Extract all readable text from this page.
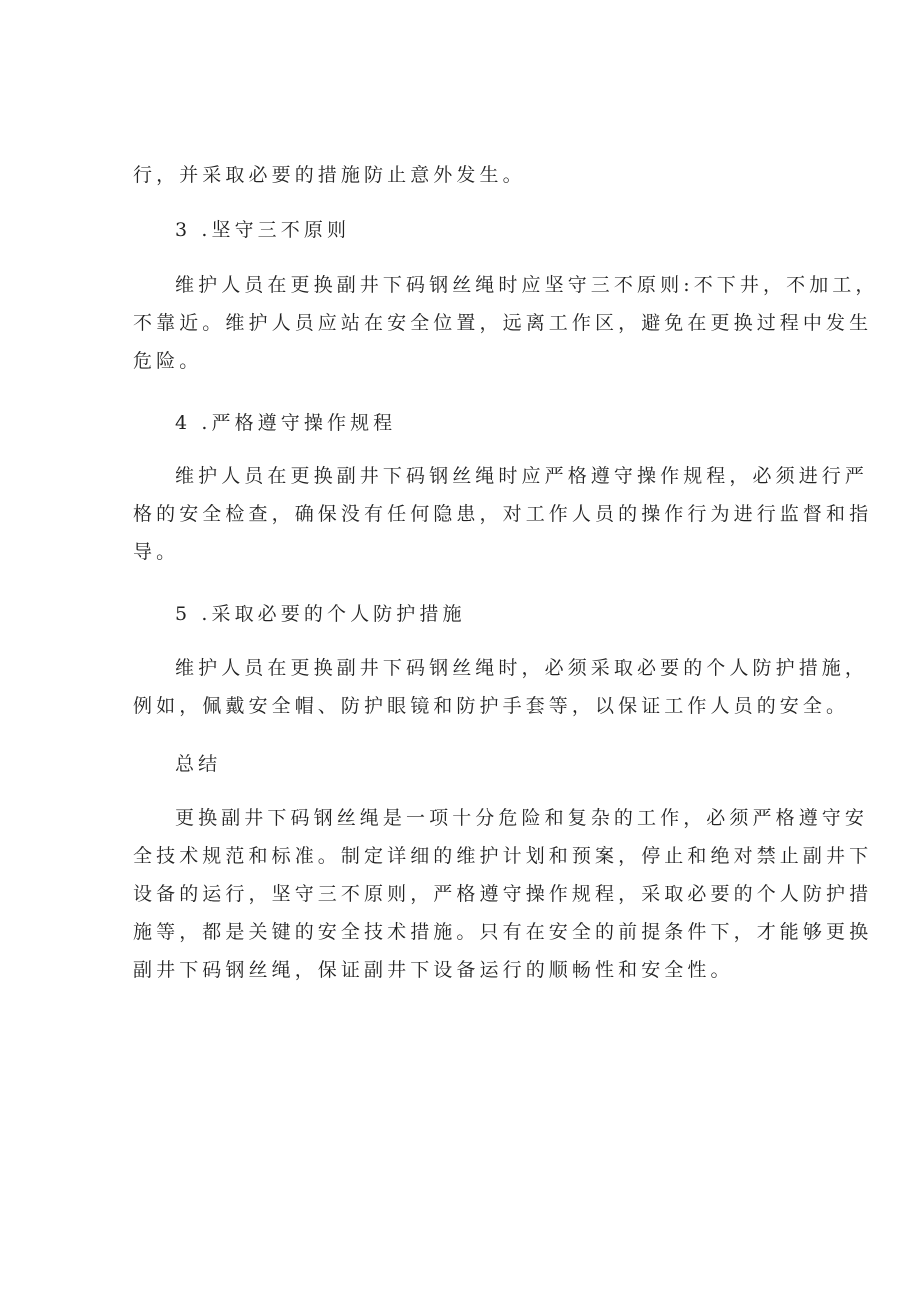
行，并采取必要的措施防止意外发生。
3 .坚守三不原则
维护人员在更换副井下码钢丝绳时应坚守三不原则:不下井，不加工，
不靠近。维护人员应站在安全位置，远离工作区，避免在更换过程中发生
危险。
4 .严格遵守操作规程
维护人员在更换副井下码钢丝绳时应严格遵守操作规程，必须进行严
格的安全检查，确保没有任何隐患，对工作人员的操作行为进行监督和指
导。
5 .采取必要的个人防护措施
维护人员在更换副井下码钢丝绳时，必须采取必要的个人防护措施，
例如，佩戴安全帽、防护眼镜和防护手套等，以保证工作人员的安全。
总结
更换副井下码钢丝绳是一项十分危险和复杂的工作，必须严格遵守安
全技术规范和标准。制定详细的维护计划和预案，停止和绝对禁止副井下
设备的运行，坚守三不原则，严格遵守操作规程，采取必要的个人防护措
施等，都是关键的安全技术措施。只有在安全的前提条件下，才能够更换
副井下码钢丝绳，保证副井下设备运行的顺畅性和安全性。
